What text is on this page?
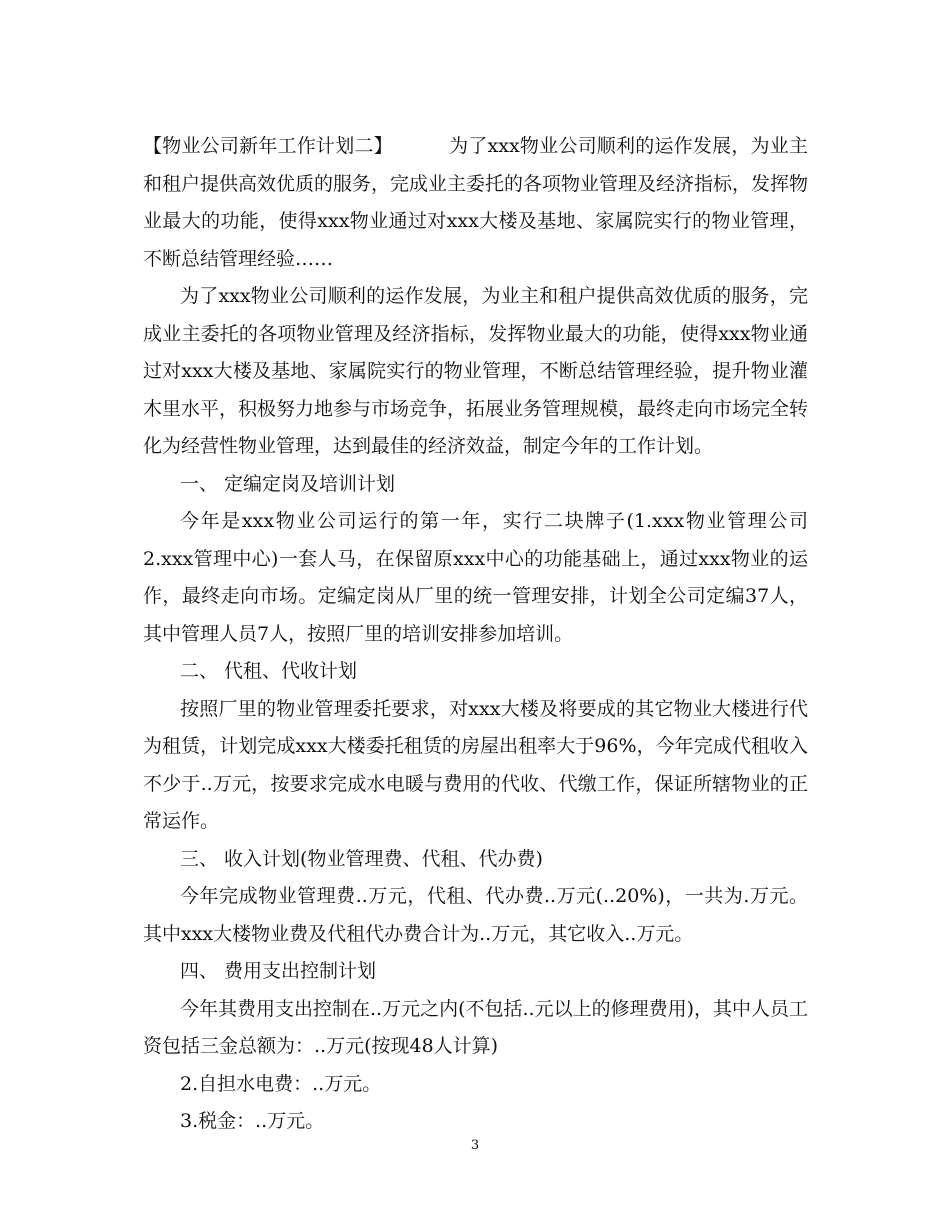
【物业公司新年工作计划二】	为了xxx物业公司顺利的运作发展，为业主和租户提供高效优质的服务，完成业主委托的各项物业管理及经济指标，发挥物业最大的功能，使得xxx物业通过对xxx大楼及基地、家属院实行的物业管理，不断总结管理经验……

为了xxx物业公司顺利的运作发展，为业主和租户提供高效优质的服务，完成业主委托的各项物业管理及经济指标，发挥物业最大的功能，使得xxx物业通过对xxx大楼及基地、家属院实行的物业管理，不断总结管理经验，提升物业灌木里水平，积极努力地参与市场竞争，拓展业务管理规模，最终走向市场完全转化为经营性物业管理，达到最佳的经济效益，制定今年的工作计划。

一、 定编定岗及培训计划

今年是xxx物业公司运行的第一年，实行二块牌子(1.xxx物业管理公司 2.xxx管理中心)一套人马，在保留原xxx中心的功能基础上，通过xxx物业的运作，最终走向市场。定编定岗从厂里的统一管理安排，计划全公司定编37人，其中管理人员7人，按照厂里的培训安排参加培训。

二、 代租、代收计划

按照厂里的物业管理委托要求，对xxx大楼及将要成的其它物业大楼进行代为租赁，计划完成xxx大楼委托租赁的房屋出租率大于96%，今年完成代租收入不少于..万元，按要求完成水电暖与费用的代收、代缴工作，保证所辖物业的正常运作。

三、 收入计划(物业管理费、代租、代办费)

今年完成物业管理费..万元，代租、代办费..万元(..20%)，一共为.万元。其中xxx大楼物业费及代租代办费合计为..万元，其它收入..万元。

四、 费用支出控制计划

今年其费用支出控制在..万元之内(不包括..元以上的修理费用)，其中人员工资包括三金总额为：..万元(按现48人计算)

2.自担水电费：..万元。

3.税金：..万元。

3
